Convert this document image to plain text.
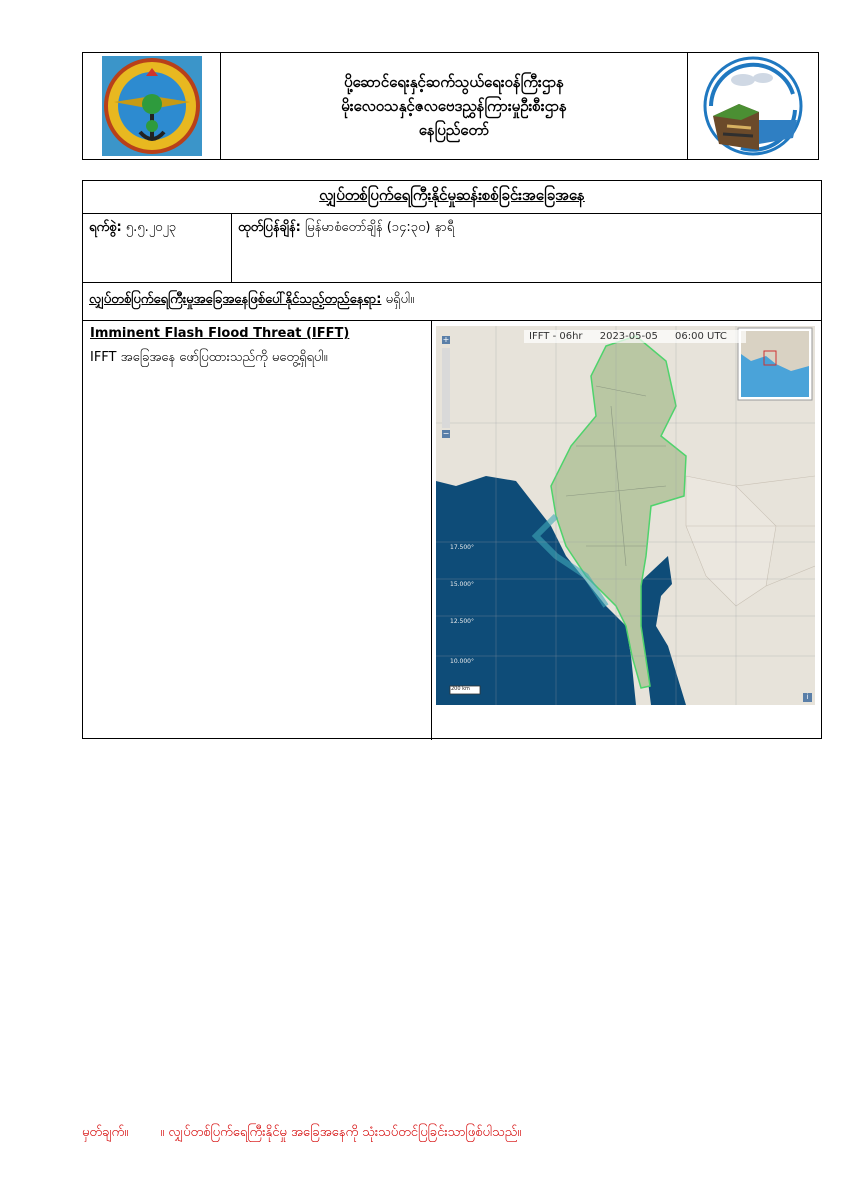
ပို့ဆောင်ရေးနှင့်ဆက်သွယ်ရေးဝန်ကြီးဌာန
မိုးလေဝသနှင့်ဇလဗေဒညွှန်ကြားမှုဦးစီးဌာန
နေပြည်တော်
လျှပ်တစ်ပြက်ရေကြီးနိုင်မှုဆန်းစစ်ခြင်းအခြေအနေ
ရက်စွဲ: ၅.၅.၂၀၂၃	ထုတ်ပြန်ချိန်: မြန်မာစံတော်ချိန် (၁၄:၃၀) နာရီ
လျှပ်တစ်ပြက်ရေကြီးမှုအခြေအနေဖြစ်ပေါ်နိုင်သည့်တည်နေရာ: မရှိပါ။
Imminent Flash Flood Threat (IFFT)
IFFT အခြေအနေ ဖော်ပြထားသည်ကို မတွေ့ရှိရပါ။
IFFT - 06hr 2023-05-05 06:00 UTC
17.500°
15.000°
12.500°
10.000°
200 km
+
−
i
မှတ်ချက်။ ။ လျှပ်တစ်ပြက်ရေကြီးနိုင်မှု အခြေအနေကို သုံးသပ်တင်ပြခြင်းသာဖြစ်ပါသည်။
